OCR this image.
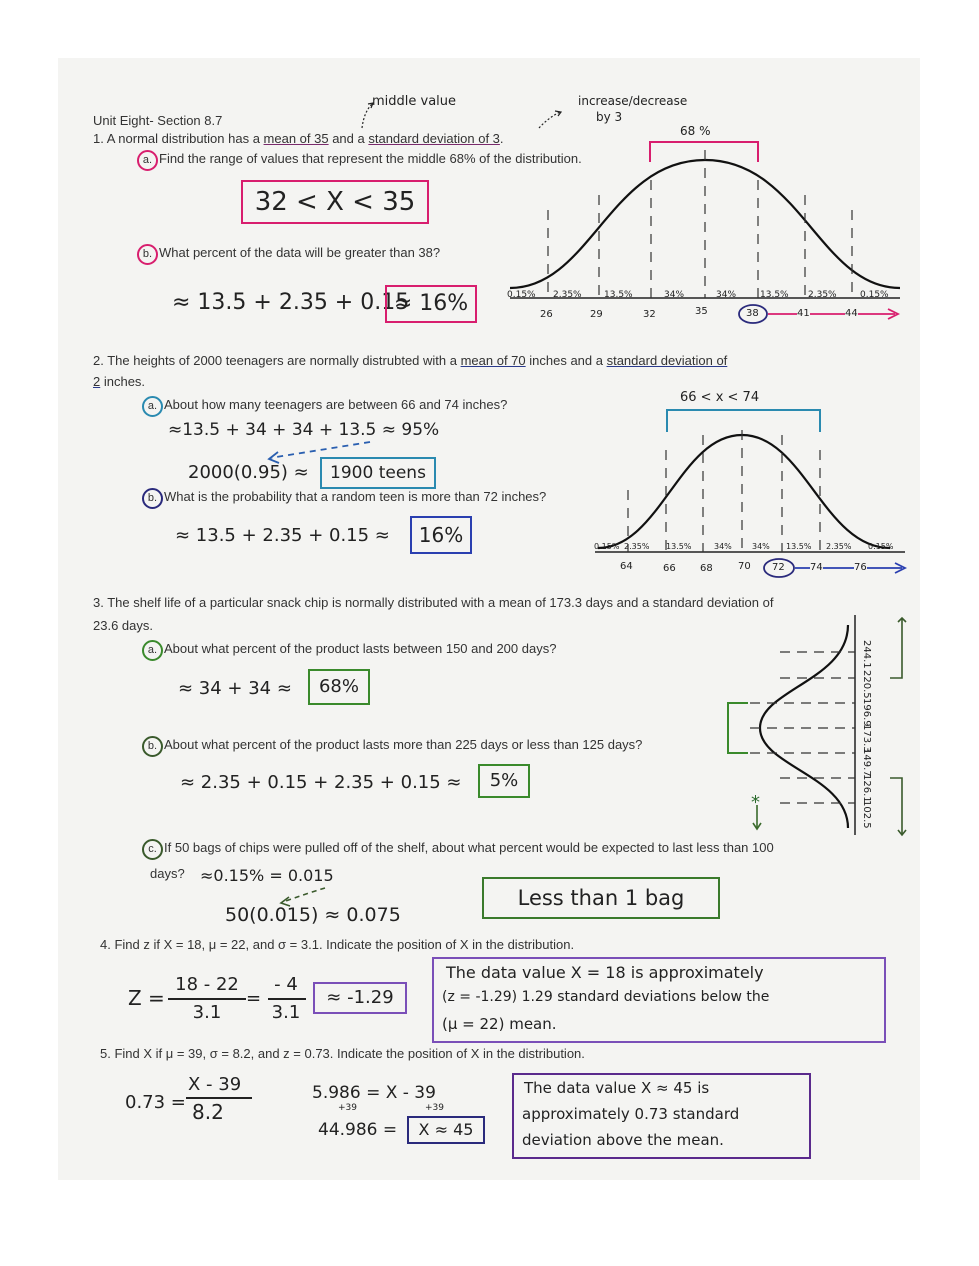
Unit Eight- Section 8.7
middle value	increase/decrease
by 3
1. A normal distribution has a mean of 35 and a standard deviation of 3.
a. Find the range of values that represent the middle 68% of the distribution.
32 < X < 35
b. What percent of the data will be greater than 38?
≈ 13.5 + 2.35 + 0.15
≈ 16%
68 %
0.15% 2.35% 13.5%	34%	34%	13.5% 2.35%	0.15%
26	29	32	35	38	41	44
2. The heights of 2000 teenagers are normally distrubted with a mean of 70 inches and a standard deviation of
2 inches.
a. About how many teenagers are between 66 and 74 inches?
≈13.5 + 34 + 34 + 13.5 ≈ 95%
2000(0.95) ≈	1900 teens
b. What is the probability that a random teen is more than 72 inches?
≈ 13.5 + 2.35 + 0.15 ≈	16%
66 < x < 74
0.15% 2.35% 13.5%	34%	34% 13.5% 2.35% 0.15%
64	66 68	70 72	74	76
3. The shelf life of a particular snack chip is normally distributed with a mean of 173.3 days and a standard deviation of
23.6 days.
a. About what percent of the product lasts between 150 and 200 days?
≈ 34 + 34 ≈	68%
b. About what percent of the product lasts more than 225 days or less than 125 days?
≈ 2.35 + 0.15 + 2.35 + 0.15 ≈	5%
c. If 50 bags of chips were pulled off of the shelf, about what percent would be expected to last less than 100
days? ≈0.15% = 0.015
50(0.015) ≈ 0.075
Less than 1 bag
*
244.1
220.5
196.9
173.3
149.7
126.1
102.5
4. Find z if X = 18, μ = 22, and σ = 3.1. Indicate the position of X in the distribution.
Z =
18 - 22
3.1
=
- 4
3.1
≈ -1.29
The data value X = 18 is approximately
(z = -1.29) 1.29 standard deviations below the
(μ = 22) mean.
5. Find X if μ = 39, σ = 8.2, and z = 0.73. Indicate the position of X in the distribution.
0.73 =
X - 39
8.2
5.986 = X - 39
+39	+39
44.986 =	X ≈ 45
The data value X ≈ 45 is
approximately 0.73 standard
deviation above the mean.
